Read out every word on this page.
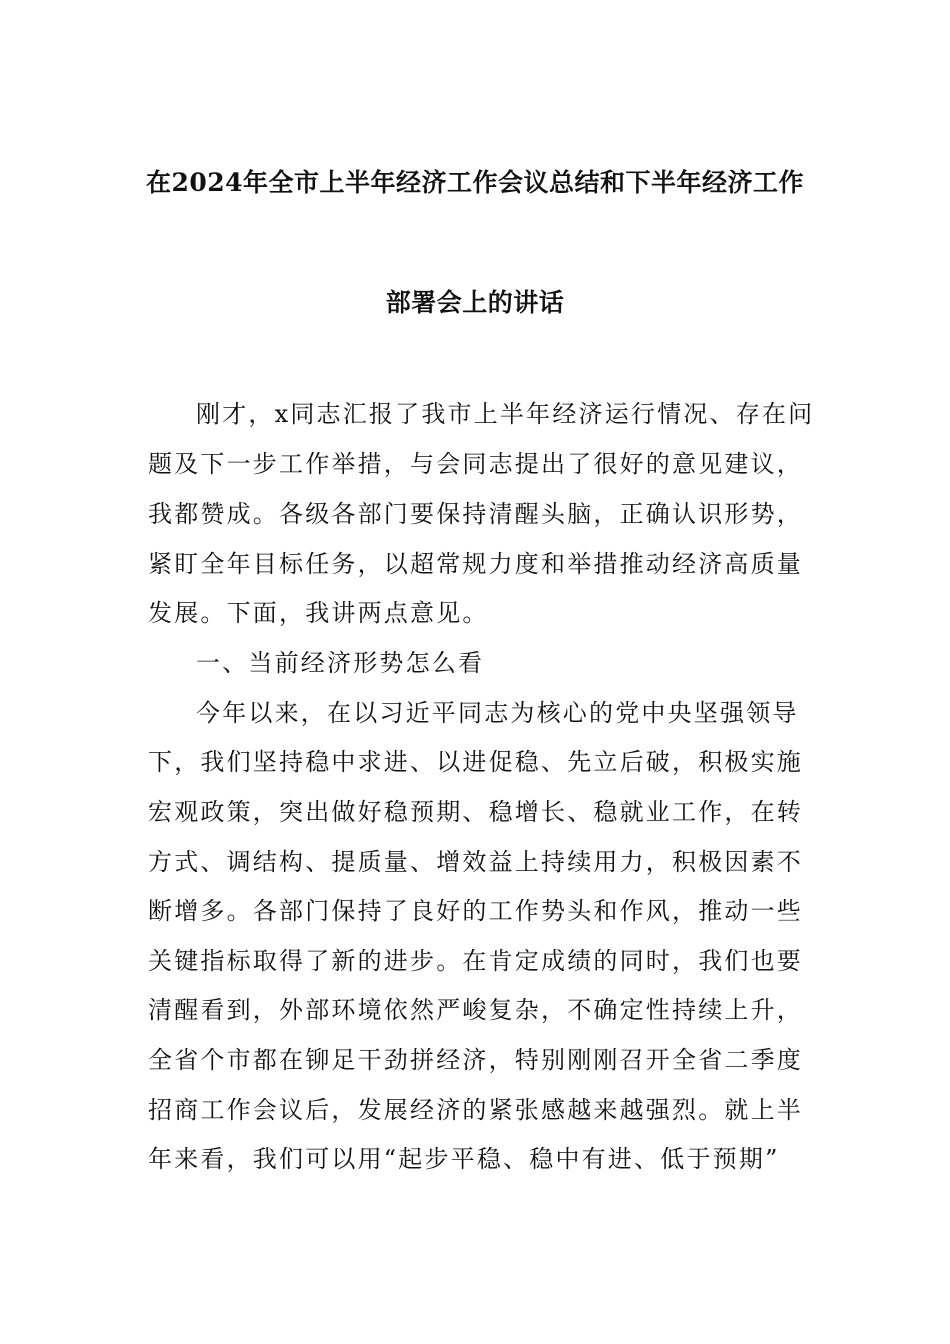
在2024年全市上半年经济工作会议总结和下半年经济工作
部署会上的讲话
刚才，x同志汇报了我市上半年经济运行情况、存在问
题及下一步工作举措，与会同志提出了很好的意见建议，
我都赞成。各级各部门要保持清醒头脑，正确认识形势，
紧盯全年目标任务，以超常规力度和举措推动经济高质量
发展。下面，我讲两点意见。
一、当前经济形势怎么看
今年以来，在以习近平同志为核心的党中央坚强领导
下，我们坚持稳中求进、以进促稳、先立后破，积极实施
宏观政策，突出做好稳预期、稳增长、稳就业工作，在转
方式、调结构、提质量、增效益上持续用力，积极因素不
断增多。各部门保持了良好的工作势头和作风，推动一些
关键指标取得了新的进步。在肯定成绩的同时，我们也要
清醒看到，外部环境依然严峻复杂，不确定性持续上升，
全省个市都在铆足干劲拼经济，特别刚刚召开全省二季度
招商工作会议后，发展经济的紧张感越来越强烈。就上半
年来看，我们可以用“起步平稳、稳中有进、低于预期”
